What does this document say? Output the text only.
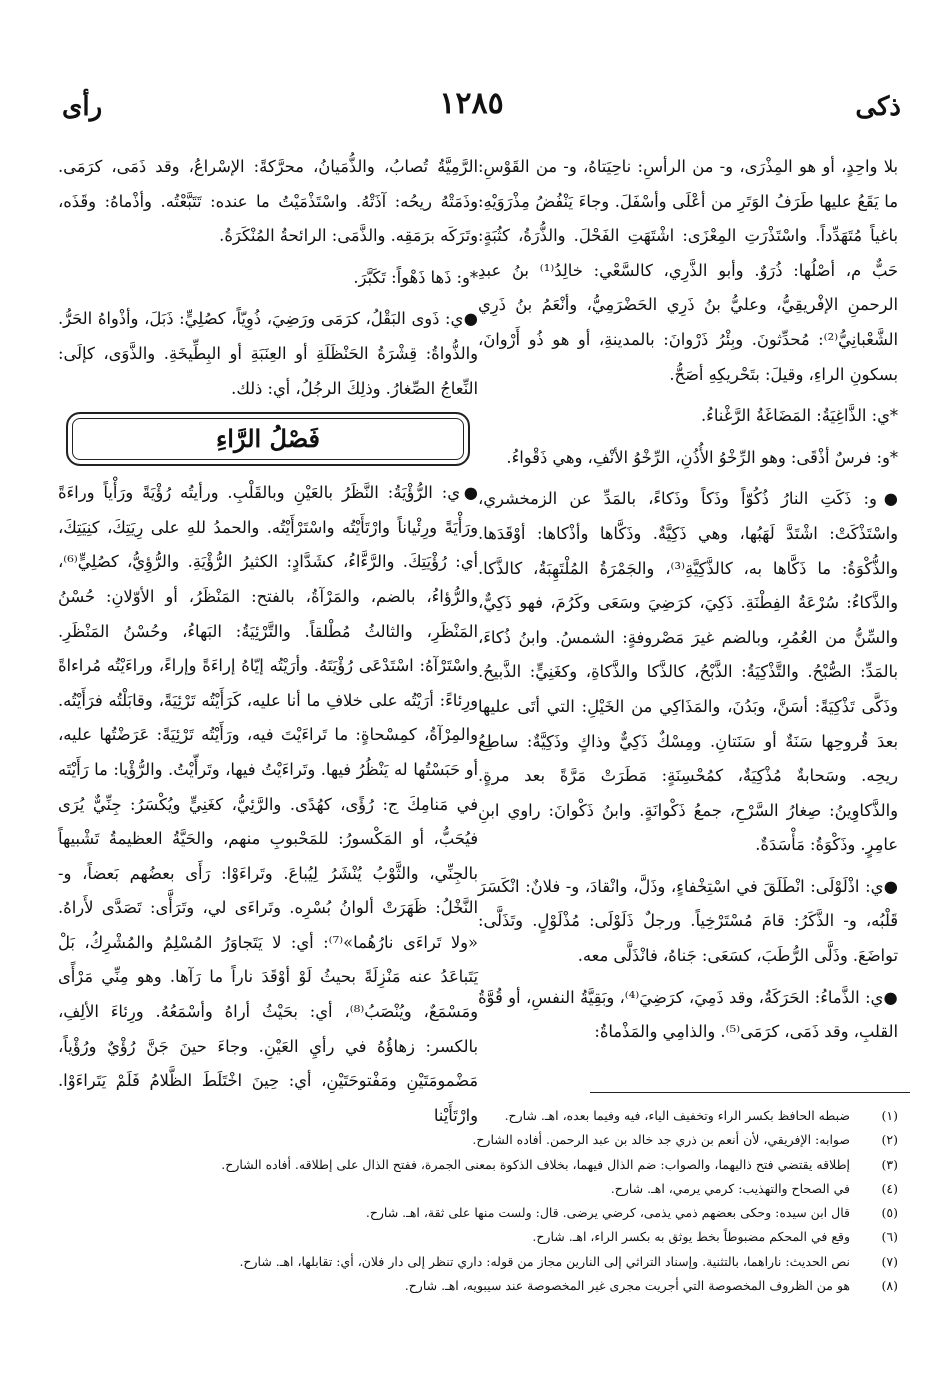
ذكى
١٢٨٥
رأى

بلا واحِدٍ، أو هو المِذْرَى، و- من الرأسِ: ناحِيَتاهُ، و- من القَوْسِ: ما يَقَعُ عليها طَرَفُ الوَتَرِ من أعْلَى وأسْفَلَ. وجاءَ يَنْفُضُ مِذْرَوَيْهِ: باغياً مُتَهَدِّداً. واسْتَذْرَتِ المِعْزَى: اشْتَهَتِ الفَحْلَ. والذُّرَةُ، كثُبَةٍ: حَبٌّ م، أصْلُها: ذُرَوٌ. وأبو الذَّرِي، كالسَّعْي: خالِدُ⁽¹⁾ بنُ عبدِ الرحمنِ الإفْريقِيُّ، وعليُّ بنُ ذَرِي الحَضْرَمِيُّ، وأنْعَمُ بنُ ذَرِي الشَّعْبانِيُّ⁽²⁾: مُحدِّثونَ. وبِئْرُ ذَرْوانَ: بالمدينةِ، أو هو ذُو أَرْوانَ، بسكونِ الراءِ، وقيلَ: بتَحْريكِهِ أصَحُّ.

*ي: الذَّاغِيَةُ: المَضَاغَةُ الرَّغْناءُ.

*و: فرسٌ أذْقَى: وهو الرِّخْوُ الأُذُنِ، الرِّخْوُ الأنْفِ، وهي ذَقْواءُ.

●و: ذَكَتِ النارُ ذُكُوّاً وذَكاً وذَكاءً، بالمَدِّ عن الزمخشري، واسْتَذْكَتْ: اشْتَدَّ لَهَبُها، وهي ذَكِيَّةٌ. وذَكَّاها وأذْكاها: أوْقَدَها. والذُّكْوَةُ: ما ذَكَّاها به، كالذَّكِيَّةِ⁽³⁾، والجَمْرَةُ المُلْتَهِبَةُ، كالذَّكا. والذَّكاءُ: سُرْعَةُ الفِطْنَةِ. ذَكِيَ، كرَضِيَ وسَعَى وكَرُمَ، فهو ذَكِيٌّ، والسِّنُّ من العُمُرِ، وبالضم غيرَ مَصْروفةٍ: الشمسُ. وابنُ ذُكاءَ، بالمَدِّ: الصُّبْحُ. والتَّذْكِيَةُ: الذَّبْحُ، كالذَّكا والذَّكاةِ، وكغَنِيٍّ: الذَّبيحُ. وذَكَّى تَذْكِيَةً: أسَنَّ، وبَدُنَ، والمَذَاكِي من الخَيْلِ: التي أتَى عليها بعدَ قُروحِها سَنَةٌ أو سَنَتانِ. ومِسْكٌ ذَكِيٌّ وذاكٍ وذَكِيَّةٌ: ساطِعُ ريحِه. وسَحابةٌ مُذْكِيَةٌ، كمُحْسِنَةٍ: مَطَرَتْ مَرَّةً بعد مرةٍ. والذَّكاوِينُ: صِغارُ السَّرْحِ، جمعُ ذَكْوانَةٍ. وابنُ ذَكْوانَ: راوي ابنِ عامِرٍ. وذَكْوَةُ: مَأْسَدَةٌ.

●ي: اذْلَوْلَى: انْطَلَقَ في اسْتِخْفاءٍ، وذَلَّ، وانْقادَ، و- فلانٌ: انْكَسَرَ قَلْبُه، و- الذَّكَرُ: قامَ مُسْتَرْخِياً. ورجلٌ ذَلَوْلَى: مُذْلَوْلٍ. وتَذَلَّى: تواضَعَ. وذَلَّى الرُّطَبَ، كسَعَى: جَناهُ، فانْذَلَّى معه.

●ي: الذَّماءُ: الحَرَكَةُ، وقد ذَمِيَ، كرَضِيَ⁽⁴⁾، وبَقِيَّةُ النفسِ، أو قُوَّةُ القلبِ، وقد ذَمَى، كرَمَى⁽⁵⁾. والذامِي والمَذْماةُ:

الرَّمِيَّةُ تُصابُ، والذُّمَيانُ، محرَّكةً: الإسْراعُ، وقد ذَمَى، كرَمَى. وذَمَتْهُ ريحُه: آذَتْهُ. واسْتَذْمَيْتُ ما عنده: تَتَبَّعْتُه. وأذْماهُ: وقَذَه، وتَرَكَه برَمَقِه. والذَّمَى: الرائحةُ المُنْكَرَةُ.

*و: ذَها ذَهْواً: تَكَبَّرَ.

●ي: ذَوى البَقْلُ، كرَمَى ورَضِيَ، ذُوِيّاً، كصُلِيٍّ: ذَبَلَ، وأذْواهُ الحَرُّ. والذُّواةُ: قِشْرَةُ الحَنْظَلَةِ أو العِنَبَةِ أو البِطِّيخَةِ. والذَّوَى، كإلَى: النِّعاجُ الصِّغارُ. وذلِكَ الرجُلُ، أي: ذلك.

فَصْلُ الرَّاءِ

●ي: الرُّؤْيَةُ: النَّظَرُ بالعَيْنِ وبالقَلْبِ. ورأيتُه رُؤْيَةً ورَأْياً وراءَةً ورَأْيَةً ورِئْياناً وارْتَأَيْتُه واسْتَرْأَيْتُه. والحمدُ للهِ على رِيَتِكَ، كنِيَتِكَ، أي: رُؤْيَتِكَ. والرَّءَّاءُ، كشَدَّادٍ: الكثيرُ الرُّؤْيَةِ. والرُّؤِيُّ، كصُلِيٍّ⁽⁶⁾، والرُّؤاءُ، بالضم، والمَرْآةُ، بالفتح: المَنْظَرُ، أو الأوّلانِ: حُسْنُ المَنْظَرِ، والثالثُ مُطْلقاً. والتَّرْئِيَةُ: البَهاءُ، وحُسْنُ المَنْظَرِ. واسْتَرْآهُ: اسْتَدْعَى رُؤْيَتَهُ. وأرَيْتُه إيّاهُ إراءَةً وإراءً، وراءَيْتُه مُراءاةً ورِئاءً: أرَيْتُه على خلافِ ما أنا عليه، كَرَأَيْتُه تَرْئِيَةً، وقابَلْتُه فرَأَيْتُه. والمِرْآةُ، كمِسْحاةٍ: ما تَراءَيْتَ فيه، ورَأَيْتُه تَرْئِيَةً: عَرَضْتُها عليه، أو حَبَسْتُها له يَنْظُرُ فيها. وتَراءَيْتُ فيها، وتَرأّيْتُ. والرُّؤْيا: ما رَأَيْتَه في مَنامِكَ ج: رُؤًى، كهُدًى. والرَّئِيُّ، كغَنِيٍّ ويُكْسَرُ: جِنِّيٌّ يُرَى فيُحَبُّ، أو المَكْسورُ: للمَحْبوبِ منهم، والحَيَّةُ العظيمةُ تَشْبيهاً بالجِنِّي، والثَّوْبُ يُنْشَرُ لِيُباعَ. وتَراءَوْا: رَأَى بعضُهم بَعضاً، و- النَّخْلُ: ظَهَرَتْ ألوانُ بُسْرِه. وتَراءَى لي، وتَرَأَّى: تَصَدَّى لأَراهُ. «ولا تَراءَى نارُهُما»⁽⁷⁾: أي: لا يَتَجاوَرُ المُسْلِمُ والمُشْرِكُ، بَلْ يَتَباعَدُ عنه مَنْزِلَةً بحيثُ لَوْ أوْقَدَ ناراً ما رَآها. وهو مِنِّي مَرْأًى ومَسْمَعٌ، ويُنْصَبُ⁽⁸⁾، أي: بحَيْثُ أراهُ وأسْمَعُهُ. ورِئاءَ الألِفِ، بالكسر: زهاؤُهُ في رأيِ العَيْنِ. وجاءَ حينَ جَنَّ رُؤْيٌ ورُؤْياً، مَضْمومَتَيْنِ ومَفْتوحَتَيْنِ، أي: حِينَ اخْتَلَطَ الظَّلامُ فَلَمْ يَتَراءَوْا. وارْتَأَيْنا	(١)
ضبطه الحافظ بكسر الراء وتخفيف الياء، فيه وفيما بعده، اهـ. شارح.
(٢)
صوابه: الإفريقي، لأن أنعم بن ذري جد خالد بن عبد الرحمن. أفاده الشارح.
(٣)
إطلاقه يقتضي فتح ذاليهما، والصواب: ضم الذال فيهما، بخلاف الذكوة بمعنى الجمرة، ففتح الذال على إطلاقه. أفاده الشارح.
(٤)
في الصحاح والتهذيب: كرمي يرمي، اهـ. شارح.
(٥)
قال ابن سيده: وحكى بعضهم ذمي يذمى، كرضي يرضى. قال: ولست منها على ثقة، اهـ. شارح.
(٦)
وقع في المحكم مضبوطاً بخط يوثق به بكسر الراء، اهـ. شارح.
(٧)
نص الحديث: ناراهما، بالتثنية. وإسناد التراثي إلى النارين مجاز من قوله: داري تنظر إلى دار فلان، أي: تقابلها، اهـ. شارح.
(٨)
هو من الظروف المخصوصة التي أجريت مجرى غير المخصوصة عند سيبويه، اهـ. شارح.
